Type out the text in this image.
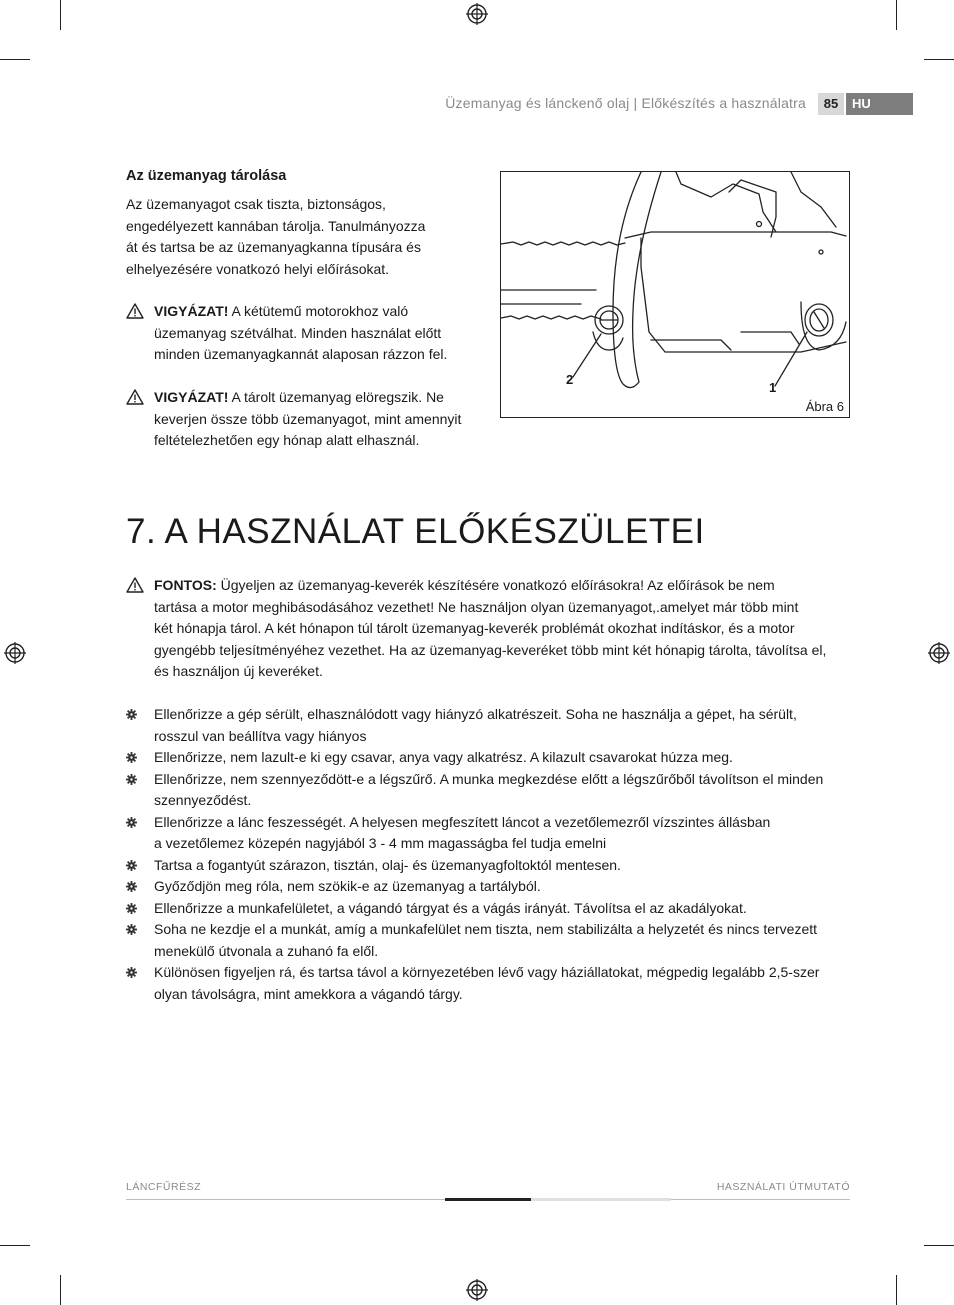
Üzemanyag és lánckenő olaj | Előkészítés a használatra	85	HU
Az üzemanyag tárolása
Az üzemanyagot csak tiszta, biztonságos,
engedélyezett kannában tárolja. Tanulmányozza
át és tartsa be az üzemanyagkanna típusára és
elhelyezésére vonatkozó helyi előírásokat.
VIGYÁZAT! A kétütemű motorokhoz való
üzemanyag szétválhat. Minden használat előtt
minden üzemanyagkannát alaposan rázzon fel.
VIGYÁZAT! A tárolt üzemanyag elöregszik. Ne
keverjen össze több üzemanyagot, mint amennyit
feltételezhetően egy hónap alatt elhasznál.
2
1
Ábra 6
7. A HASZNÁLAT ELŐKÉSZÜLETEI
FONTOS: Ügyeljen az üzemanyag-keverék készítésére vonatkozó előírásokra! Az előírások be nem
tartása a motor meghibásodásához vezethet! Ne használjon olyan üzemanyagot,.amelyet már több mint
két hónapja tárol. A két hónapon túl tárolt üzemanyag-keverék problémát okozhat indításkor, és a motor
gyengébb teljesítményéhez vezethet. Ha az üzemanyag-keveréket több mint két hónapig tárolta, távolítsa el,
és használjon új keveréket.
Ellenőrizze a gép sérült, elhasználódott vagy hiányzó alkatrészeit. Soha ne használja a gépet, ha sérült,
rosszul van beállítva vagy hiányos
Ellenőrizze, nem lazult-e ki egy csavar, anya vagy alkatrész. A kilazult csavarokat húzza meg.
Ellenőrizze, nem szennyeződött-e a légszűrő. A munka megkezdése előtt a légszűrőből távolítson el minden
szennyeződést.
Ellenőrizze a lánc feszességét. A helyesen megfeszített láncot a vezetőlemezről vízszintes állásban
a vezetőlemez közepén nagyjából 3 - 4 mm magasságba fel tudja emelni
Tartsa a fogantyút szárazon, tisztán, olaj- és üzemanyagfoltoktól mentesen.
Győződjön meg róla, nem szökik-e az üzemanyag a tartályból.
Ellenőrizze a munkafelületet, a vágandó tárgyat és a vágás irányát. Távolítsa el az akadályokat.
Soha ne kezdje el a munkát, amíg a munkafelület nem tiszta, nem stabilizálta a helyzetét és nincs tervezett
menekülő útvonala a zuhanó fa elől.
Különösen figyeljen rá, és tartsa távol a környezetében lévő vagy háziállatokat, mégpedig legalább 2,5-szer
olyan távolságra, mint amekkora a vágandó tárgy.
LÁNCFŰRÉSZ	HASZNÁLATI ÚTMUTATÓ
